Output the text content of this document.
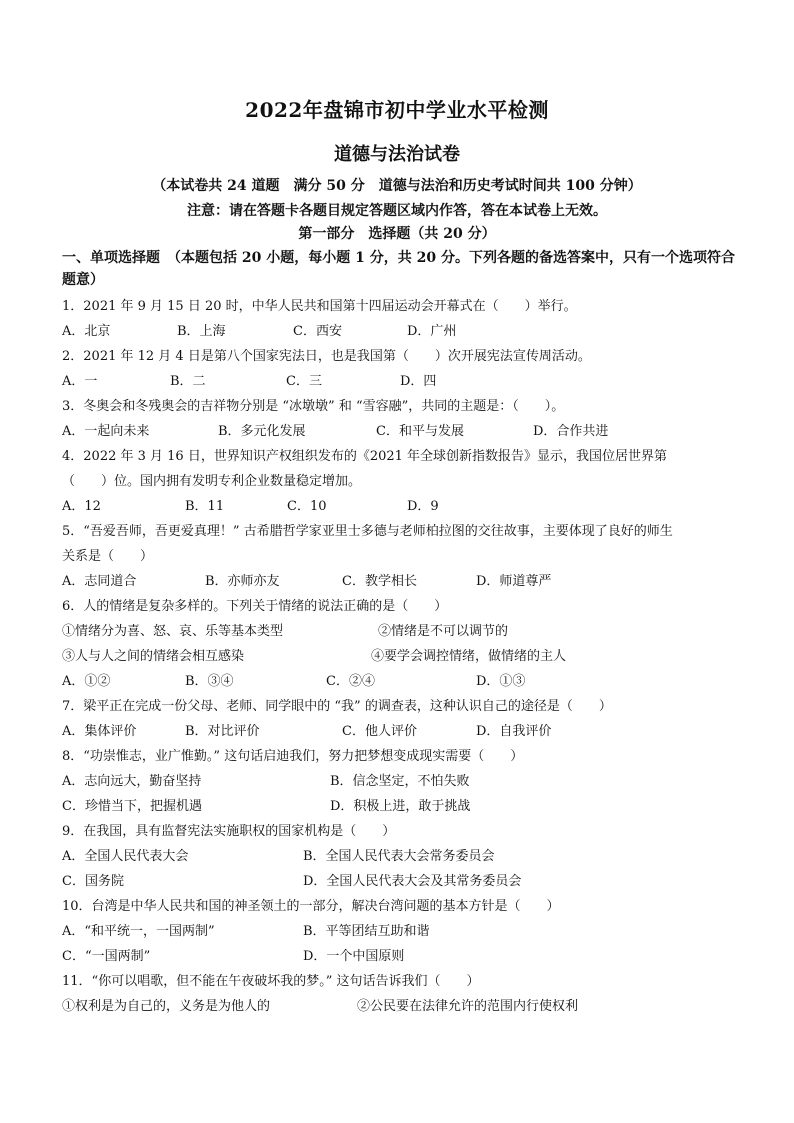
2022年盘锦市初中学业水平检测
道德与法治试卷
（本试卷共 24 道题　满分 50 分　道德与法治和历史考试时间共 100 分钟）
注意：请在答题卡各题目规定答题区域内作答，答在本试卷上无效。
第一部分　选择题（共 20 分）
一、单项选择题　（本题包括 20 小题，每小题 1 分，共 20 分。下列各题的备选答案中，只有一个选项符合题意）
1．2021 年 9 月 15 日 20 时，中华人民共和国第十四届运动会开幕式在（　　）举行。
A．北京	B．上海	C．西安	D．广州
2．2021 年 12 月 4 日是第八个国家宪法日，也是我国第（　　）次开展宪法宣传周活动。
A．一	B．二	C．三	D．四
3．冬奥会和冬残奥会的吉祥物分别是 “冰墩墩” 和 “雪容融”，共同的主题是：（　　）。
A．一起向未来	B．多元化发展	C．和平与发展	D．合作共进
4．2022 年 3 月 16 日，世界知识产权组织发布的《2021 年全球创新指数报告》显示，我国位居世界第
（　　）位。国内拥有发明专利企业数量稳定增加。
A．12	B．11	C．10	D．9
5．“吾爱吾师，吾更爱真理！” 古希腊哲学家亚里士多德与老师柏拉图的交往故事，主要体现了良好的师生
关系是（　　）
A．志同道合	B．亦师亦友	C．教学相长	D．师道尊严
6．人的情绪是复杂多样的。下列关于情绪的说法正确的是（　　）
①情绪分为喜、怒、哀、乐等基本类型	②情绪是不可以调节的
③人与人之间的情绪会相互感染	④要学会调控情绪，做情绪的主人
A．①②	B．③④	C．②④	D．①③
7．梁平正在完成一份父母、老师、同学眼中的 “我” 的调查表，这种认识自己的途径是（　　）
A．集体评价	B．对比评价	C．他人评价	D．自我评价
8．“功崇惟志，业广惟勤。” 这句话启迪我们，努力把梦想变成现实需要（　　）
A．志向远大，勤奋坚持	B．信念坚定，不怕失败
C．珍惜当下，把握机遇	D．积极上进，敢于挑战
9．在我国，具有监督宪法实施职权的国家机构是（　　）
A．全国人民代表大会	B．全国人民代表大会常务委员会
C．国务院	D．全国人民代表大会及其常务委员会
10．台湾是中华人民共和国的神圣领土的一部分，解决台湾问题的基本方针是（　　）
A．“和平统一，一国两制”	B．平等团结互助和谐
C．“一国两制”	D．一个中国原则
11．“你可以唱歌，但不能在午夜破坏我的梦。” 这句话告诉我们（　　）
①权利是为自己的，义务是为他人的	②公民要在法律允许的范围内行使权利
